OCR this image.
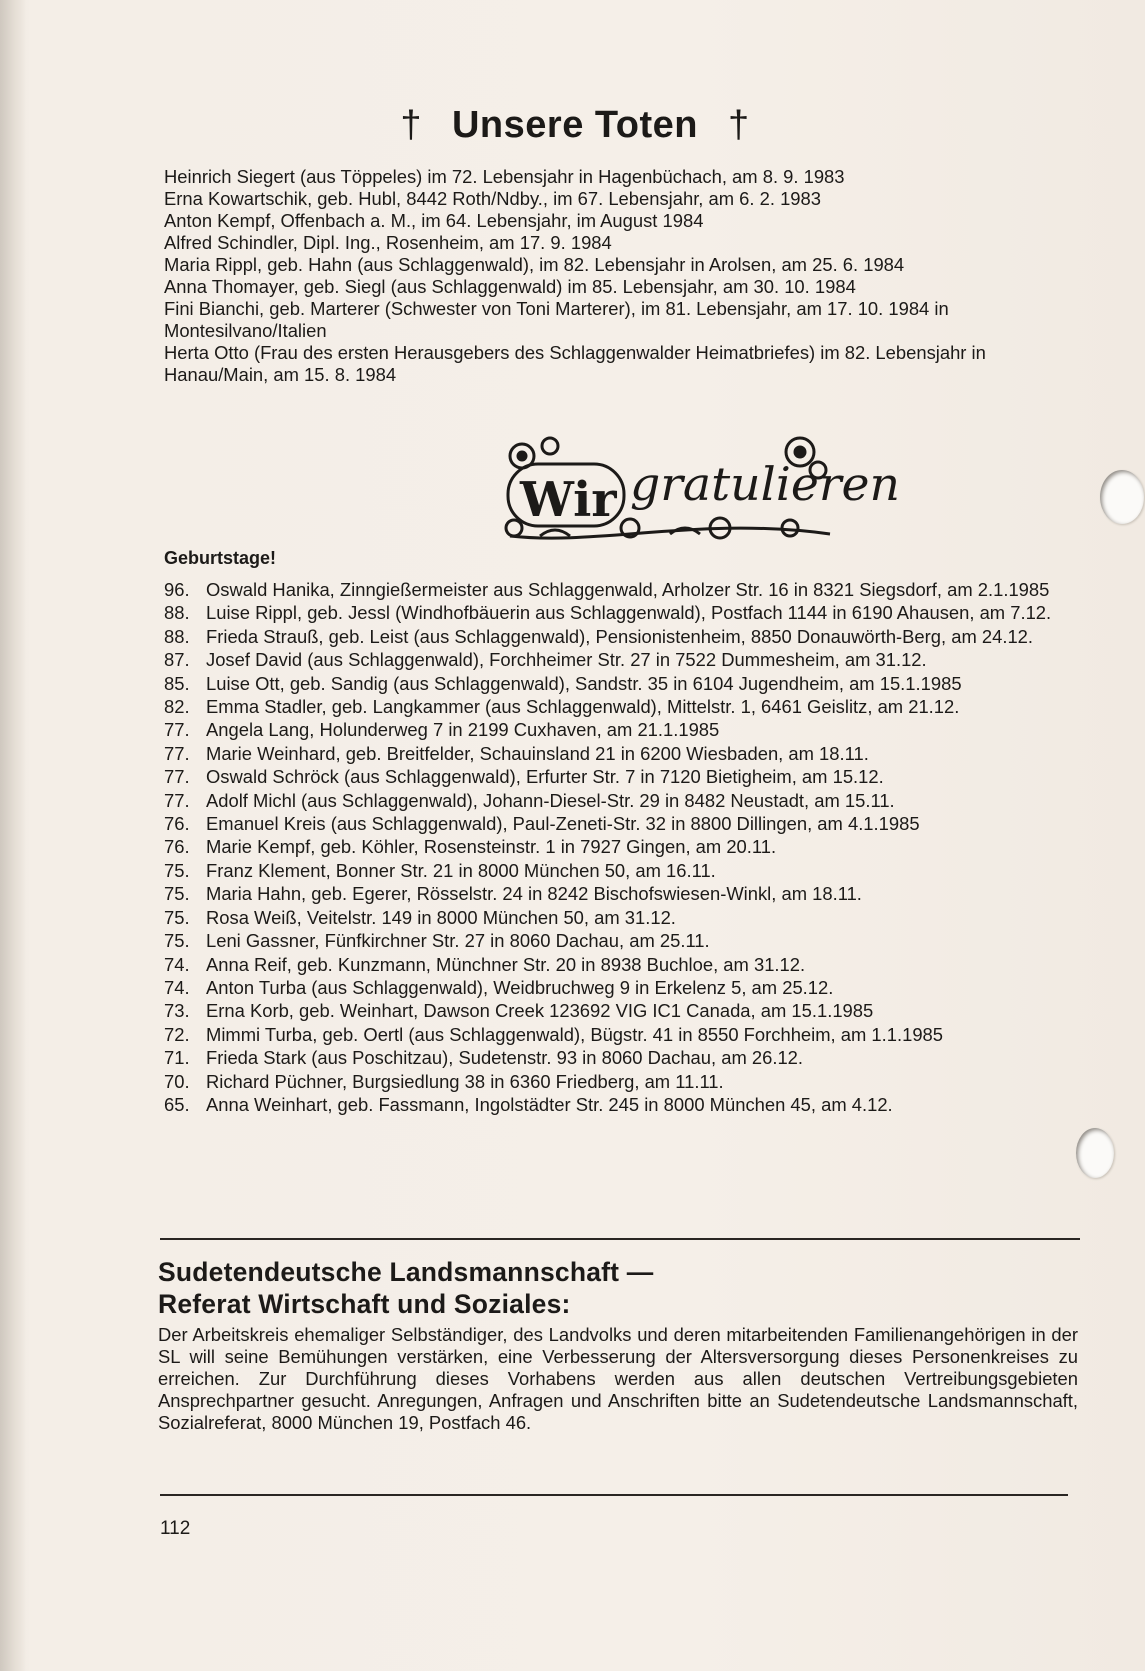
† Unsere Toten †

Heinrich Siegert (aus Töppeles) im 72. Lebensjahr in Hagenbüchach, am 8. 9. 1983

Erna Kowartschik, geb. Hubl, 8442 Roth/Ndby., im 67. Lebensjahr, am 6. 2. 1983

Anton Kempf, Offenbach a. M., im 64. Lebensjahr, im August 1984

Alfred Schindler, Dipl. Ing., Rosenheim, am 17. 9. 1984

Maria Rippl, geb. Hahn (aus Schlaggenwald), im 82. Lebensjahr in Arolsen, am 25. 6. 1984

Anna Thomayer, geb. Siegl (aus Schlaggenwald) im 85. Lebensjahr, am 30. 10. 1984

Fini Bianchi, geb. Marterer (Schwester von Toni Marterer), im 81. Lebensjahr, am 17. 10. 1984 in Montesilvano/Italien

Herta Otto (Frau des ersten Herausgebers des Schlaggenwalder Heimatbriefes) im 82. Lebensjahr in Hanau/Main, am 15. 8. 1984

Wir gratulieren
Geburtstage!
96. Oswald Hanika, Zinngießermeister aus Schlaggenwald, Arholzer Str. 16 in 8321 Siegsdorf, am 2.1.1985
88. Luise Rippl, geb. Jessl (Windhofbäuerin aus Schlaggenwald), Postfach 1144 in 6190 Ahausen, am 7.12.
88. Frieda Strauß, geb. Leist (aus Schlaggenwald), Pensionistenheim, 8850 Donauwörth-Berg, am 24.12.
87. Josef David (aus Schlaggenwald), Forchheimer Str. 27 in 7522 Dummesheim, am 31.12.
85. Luise Ott, geb. Sandig (aus Schlaggenwald), Sandstr. 35 in 6104 Jugendheim, am 15.1.1985
82. Emma Stadler, geb. Langkammer (aus Schlaggenwald), Mittelstr. 1, 6461 Geislitz, am 21.12.
77. Angela Lang, Holunderweg 7 in 2199 Cuxhaven, am 21.1.1985
77. Marie Weinhard, geb. Breitfelder, Schauinsland 21 in 6200 Wiesbaden, am 18.11.
77. Oswald Schröck (aus Schlaggenwald), Erfurter Str. 7 in 7120 Bietigheim, am 15.12.
77. Adolf Michl (aus Schlaggenwald), Johann-Diesel-Str. 29 in 8482 Neustadt, am 15.11.
76. Emanuel Kreis (aus Schlaggenwald), Paul-Zeneti-Str. 32 in 8800 Dillingen, am 4.1.1985
76. Marie Kempf, geb. Köhler, Rosensteinstr. 1 in 7927 Gingen, am 20.11.
75. Franz Klement, Bonner Str. 21 in 8000 München 50, am 16.11.
75. Maria Hahn, geb. Egerer, Rösselstr. 24 in 8242 Bischofswiesen-Winkl, am 18.11.
75. Rosa Weiß, Veitelstr. 149 in 8000 München 50, am 31.12.
75. Leni Gassner, Fünfkirchner Str. 27 in 8060 Dachau, am 25.11.
74. Anna Reif, geb. Kunzmann, Münchner Str. 20 in 8938 Buchloe, am 31.12.
74. Anton Turba (aus Schlaggenwald), Weidbruchweg 9 in Erkelenz 5, am 25.12.
73. Erna Korb, geb. Weinhart, Dawson Creek 123692 VIG IC1 Canada, am 15.1.1985
72. Mimmi Turba, geb. Oertl (aus Schlaggenwald), Bügstr. 41 in 8550 Forchheim, am 1.1.1985
71. Frieda Stark (aus Poschitzau), Sudetenstr. 93 in 8060 Dachau, am 26.12.
70. Richard Püchner, Burgsiedlung 38 in 6360 Friedberg, am 11.11.
65. Anna Weinhart, geb. Fassmann, Ingolstädter Str. 245 in 8000 München 45, am 4.12.
Sudetendeutsche Landsmannschaft —
Referat Wirtschaft und Soziales:
Der Arbeitskreis ehemaliger Selbständiger, des Landvolks und deren mitarbeitenden Familienangehörigen in der SL will seine Bemühungen verstärken, eine Verbesserung der Altersversorgung dieses Personenkreises zu erreichen. Zur Durchführung dieses Vorhabens werden aus allen deutschen Vertreibungsgebieten Ansprechpartner gesucht. Anregungen, Anfragen und Anschriften bitte an Sudetendeutsche Landsmannschaft, Sozialreferat, 8000 München 19, Postfach 46.
112
